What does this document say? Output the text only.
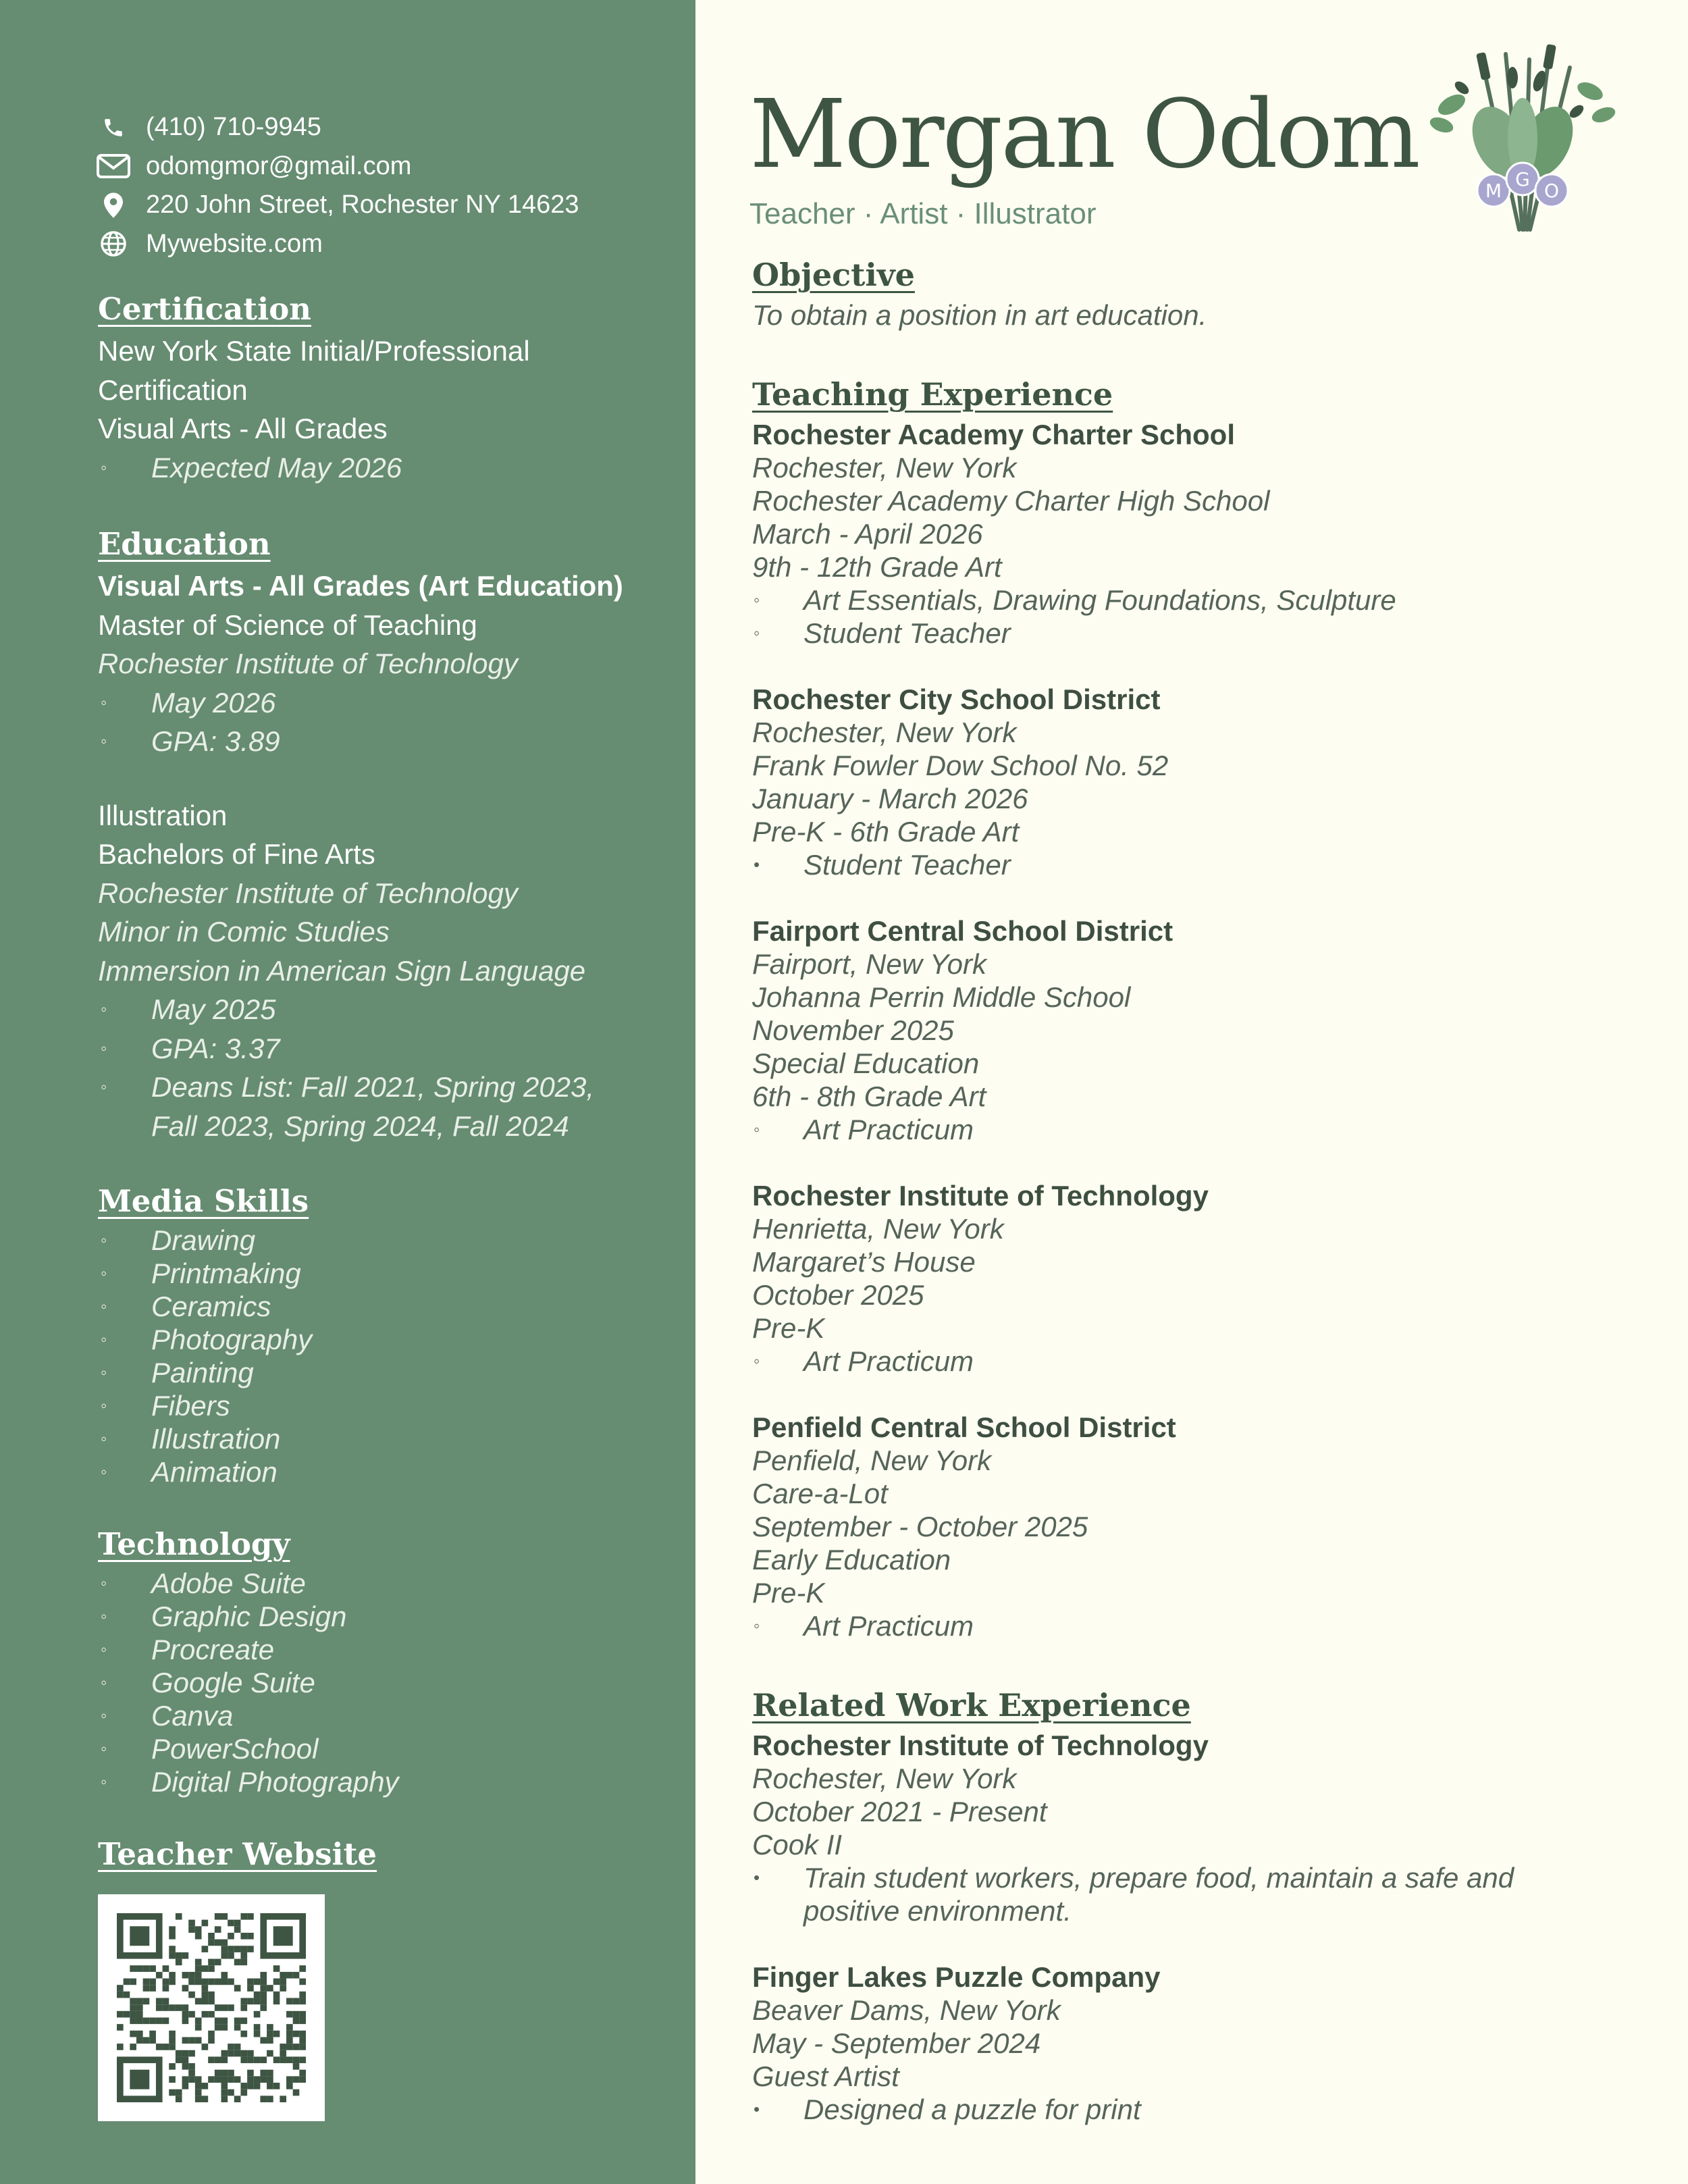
(410) 710-9945
odomgmor@gmail.com
220 John Street, Rochester NY 14623
Mywebsite.com
Certification

New York State Initial/Professional

Certification

Visual Arts - All Grades

◦	Expected May 2026
Education

Visual Arts - All Grades (Art Education)

Master of Science of Teaching

Rochester Institute of Technology

◦	May 2026
◦	GPA: 3.89

Illustration

Bachelors of Fine Arts

Rochester Institute of Technology

Minor in Comic Studies

Immersion in American Sign Language

◦	May 2025
◦	GPA: 3.37
◦	Deans List: Fall 2021, Spring 2023,
Fall 2023, Spring 2024, Fall 2024
Media Skills
◦	Drawing
◦	Printmaking
◦	Ceramics
◦	Photography
◦	Painting
◦	Fibers
◦	Illustration
◦	Animation
Technology
◦	Adobe Suite
◦	Graphic Design
◦	Procreate
◦	Google Suite
◦	Canva
◦	PowerSchool
◦	Digital Photography
Teacher Website
Morgan Odom
Teacher · Artist · Illustrator
M
G
O
Objective

To obtain a position in art education.

Teaching Experience

Rochester Academy Charter School

Rochester, New York

Rochester Academy Charter High School

March - April 2026

9th - 12th Grade Art

◦	Art Essentials, Drawing Foundations, Sculpture
◦	Student Teacher

Rochester City School District

Rochester, New York

Frank Fowler Dow School No. 52

January - March 2026

Pre-K - 6th Grade Art

•	Student Teacher

Fairport Central School District

Fairport, New York

Johanna Perrin Middle School

November 2025

Special Education

6th - 8th Grade Art

◦	Art Practicum

Rochester Institute of Technology

Henrietta, New York

Margaret’s House

October 2025

Pre-K

◦	Art Practicum

Penfield Central School District

Penfield, New York

Care-a-Lot

September - October 2025

Early Education

Pre-K

◦	Art Practicum
Related Work Experience

Rochester Institute of Technology

Rochester, New York

October 2021 - Present

Cook II

•	Train student workers, prepare food, maintain a safe and
positive environment.

Finger Lakes Puzzle Company

Beaver Dams, New York

May - September 2024

Guest Artist

•	Designed a puzzle for print
